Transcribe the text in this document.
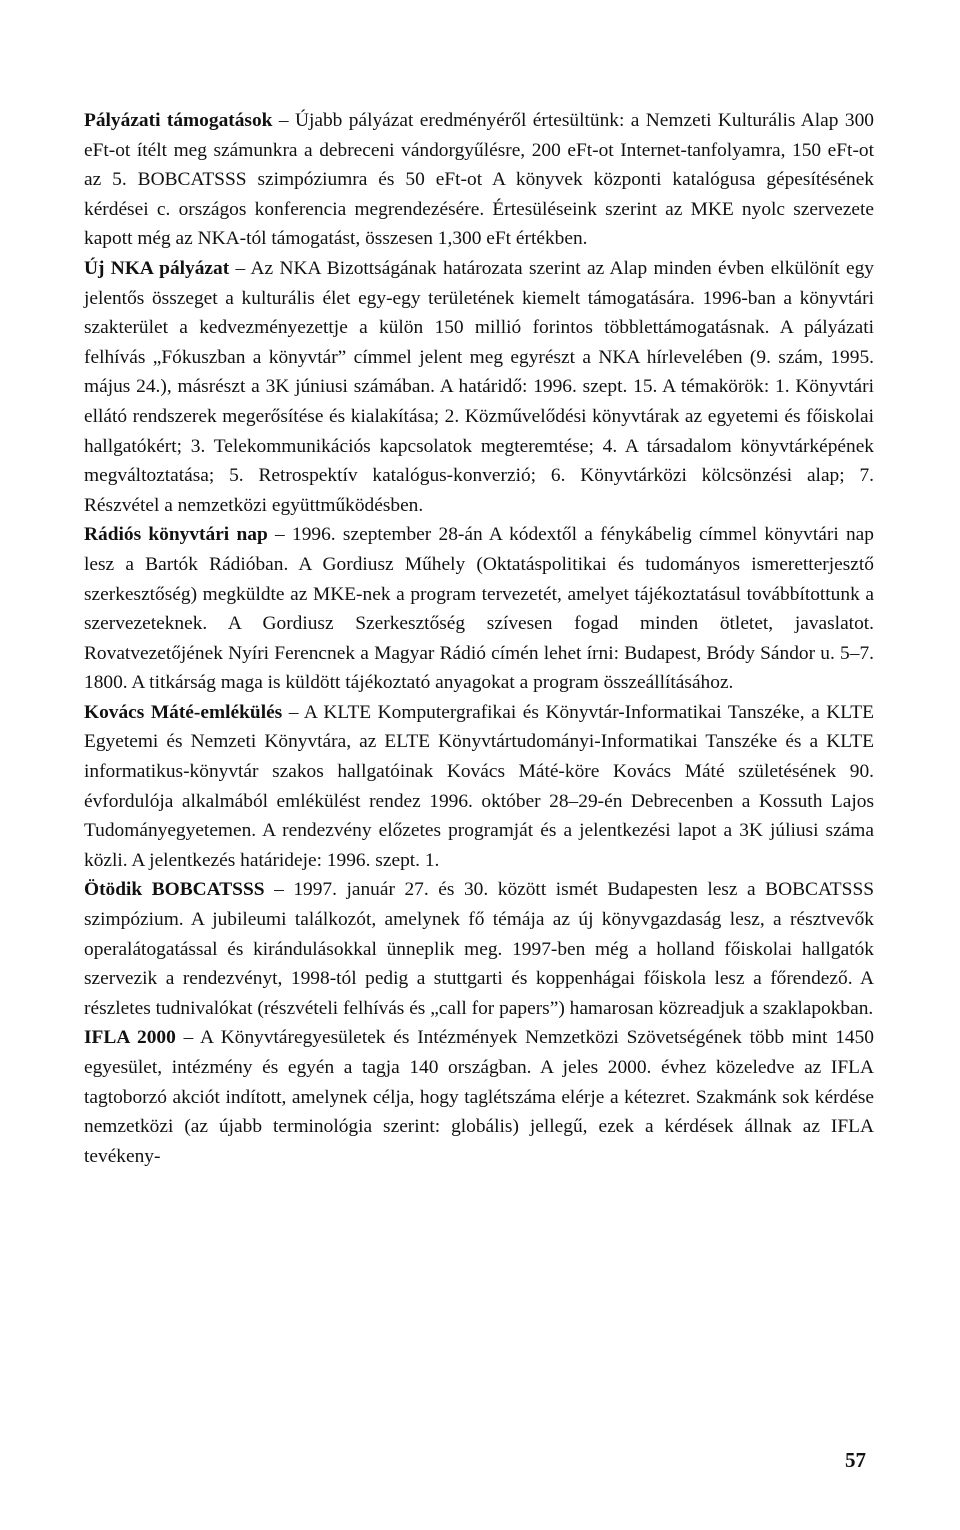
Pályázati támogatások – Újabb pályázat eredményéről értesültünk: a Nemzeti Kulturális Alap 300 eFt-ot ítélt meg számunkra a debreceni vándorgyűlésre, 200 eFt-ot Internet-tanfolyamra, 150 eFt-ot az 5. BOBCATSSS szimpóziumra és 50 eFt-ot A könyvek központi katalógusa gépesítésének kérdései c. országos konferencia megrendezésére. Értesüléseink szerint az MKE nyolc szervezete kapott még az NKA-tól támogatást, összesen 1,300 eFt értékben.

Új NKA pályázat – Az NKA Bizottságának határozata szerint az Alap minden évben elkülönít egy jelentős összeget a kulturális élet egy-egy területének kiemelt támogatására. 1996-ban a könyvtári szakterület a kedvezményezettje a külön 150 millió forintos többlettámogatásnak. A pályázati felhívás „Fókuszban a könyvtár” címmel jelent meg egyrészt a NKA hírlevelében (9. szám, 1995. május 24.), másrészt a 3K júniusi számában. A határidő: 1996. szept. 15. A témakörök: 1. Könyvtári ellátó rendszerek megerősítése és kialakítása; 2. Közművelődési könyvtárak az egyetemi és főiskolai hallgatókért; 3. Telekommunikációs kapcsolatok megteremtése; 4. A társadalom könyvtárképének megváltoztatása; 5. Retrospektív katalógus-konverzió; 6. Könyvtárközi kölcsönzési alap; 7. Részvétel a nemzetközi együttműködésben.

Rádiós könyvtári nap – 1996. szeptember 28-án A kódextől a fénykábelig címmel könyvtári nap lesz a Bartók Rádióban. A Gordiusz Műhely (Oktatáspolitikai és tudományos ismeretterjesztő szerkesztőség) megküldte az MKE-nek a program tervezetét, amelyet tájékoztatásul továbbítottunk a szervezeteknek. A Gordiusz Szerkesztőség szívesen fogad minden ötletet, javaslatot. Rovatvezetőjének Nyíri Ferencnek a Magyar Rádió címén lehet írni: Budapest, Bródy Sándor u. 5–7. 1800. A titkárság maga is küldött tájékoztató anyagokat a program összeállításához.

Kovács Máté-emlékülés – A KLTE Komputergrafikai és Könyvtár-Informatikai Tanszéke, a KLTE Egyetemi és Nemzeti Könyvtára, az ELTE Könyvtártudományi-Informatikai Tanszéke és a KLTE informatikus-könyvtár szakos hallgatóinak Kovács Máté-köre Kovács Máté születésének 90. évfordulója alkalmából emlékülést rendez 1996. október 28–29-én Debrecenben a Kossuth Lajos Tudományegyetemen. A rendezvény előzetes programját és a jelentkezési lapot a 3K júliusi száma közli. A jelentkezés határideje: 1996. szept. 1.

Ötödik BOBCATSSS – 1997. január 27. és 30. között ismét Budapesten lesz a BOBCATSSS szimpózium. A jubileumi találkozót, amelynek fő témája az új könyvgazdaság lesz, a résztvevők operalátogatással és kirándulásokkal ünneplik meg. 1997-ben még a holland főiskolai hallgatók szervezik a rendezvényt, 1998-tól pedig a stuttgarti és koppenhágai főiskola lesz a főrendező. A részletes tudnivalókat (részvételi felhívás és „call for papers”) hamarosan közreadjuk a szaklapokban.

IFLA 2000 – A Könyvtáregyesületek és Intézmények Nemzetközi Szövetségének több mint 1450 egyesület, intézmény és egyén a tagja 140 országban. A jeles 2000. évhez közeledve az IFLA tagtoborzó akciót indított, amelynek célja, hogy taglétszáma elérje a kétezret. Szakmánk sok kérdése nemzetközi (az újabb terminológia szerint: globális) jellegű, ezek a kérdések állnak az IFLA tevékeny-

57
